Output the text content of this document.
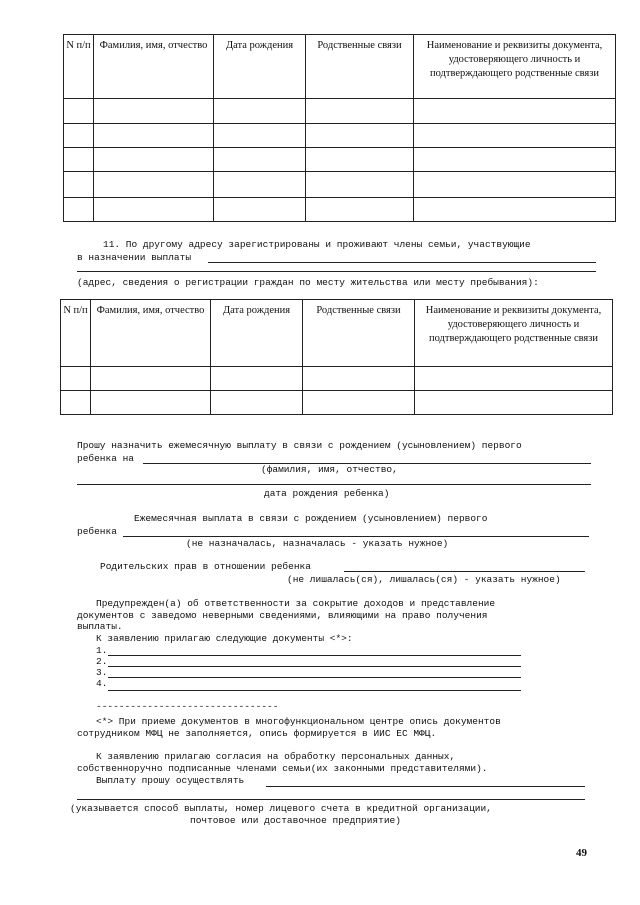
N п/п	Фамилия, имя, отчество	Дата рождения	Родственные связи	Наименование и реквизиты документа, удостоверяющего личность и подтверждающего родственные связи

11. По другому адресу зарегистрированы и проживают члены семьи, участвующие
в назначении выплаты
(адрес, сведения о регистрации граждан по месту жительства или месту пребывания):
N п/п	Фамилия, имя, отчество	Дата рождения	Родственные связи	Наименование и реквизиты документа, удостоверяющего личность и подтверждающего родственные связи

Прошу назначить ежемесячную выплату в связи с рождением (усыновлением) первого
ребенка на
(фамилия, имя, отчество,
дата рождения ребенка)
Ежемесячная выплата в связи с рождением (усыновлением) первого
ребенка
(не назначалась, назначалась - указать нужное)
Родительских прав в отношении ребенка
(не лишалась(ся), лишалась(ся) - указать нужное)
Предупрежден(а) об ответственности за сокрытие доходов и представление
документов с заведомо неверными сведениями, влияющими на право получения
выплаты.
К заявлению прилагаю следующие документы <*>:
1.
2.
3.
4.
--------------------------------
<*> При приеме документов в многофункциональном центре опись документов
сотрудником МФЦ не заполняется, опись формируется в ИИС ЕС МФЦ.
К заявлению прилагаю согласия на обработку персональных данных,
собственноручно подписанные членами семьи(их законными представителями).
Выплату прошу осуществлять
(указывается способ выплаты, номер лицевого счета в кредитной организации,
почтовое или доставочное предприятие)
49
